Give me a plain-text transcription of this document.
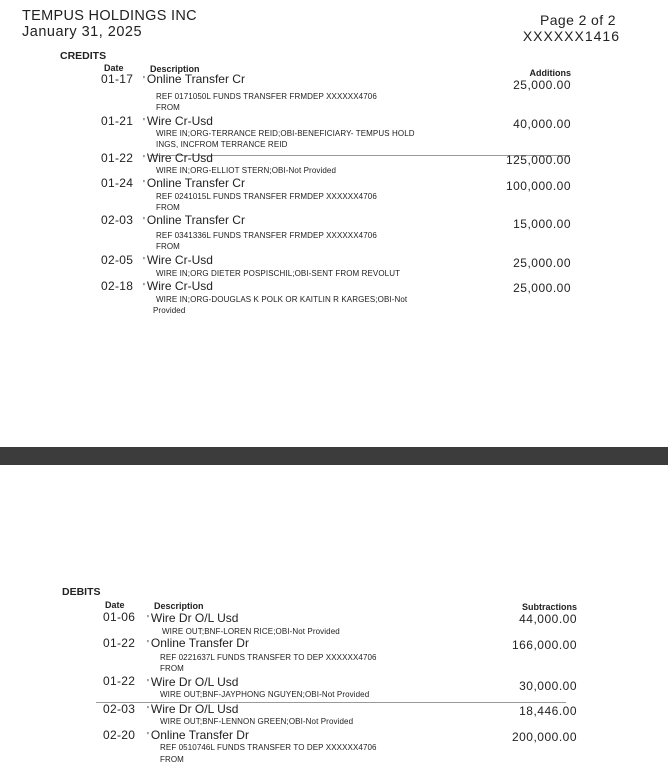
TEMPUS HOLDINGS INC
January 31, 2025
Page 2 of 2
XXXXXX1416
CREDITS
Date	Description	Additions
01-17 ' Online Transfer Cr	25,000.00
REF 0171050L FUNDS TRANSFER FRMDEP XXXXXX4706
FROM
01-21 ' Wire Cr-Usd	40,000.00
WIRE IN;ORG-TERRANCE REID;OBI-BENEFICIARY- TEMPUS HOLD
INGS, INCFROM TERRANCE REID
01-22 ' Wire Cr-Usd	125,000.00
WIRE IN;ORG-ELLIOT STERN;OBI-Not Provided
01-24 ' Online Transfer Cr	100,000.00
REF 0241015L FUNDS TRANSFER FRMDEP XXXXXX4706
FROM
02-03 ' Online Transfer Cr	15,000.00
REF 0341336L FUNDS TRANSFER FRMDEP XXXXXX4706
FROM
02-05 ' Wire Cr-Usd	25,000.00
WIRE IN;ORG DIETER POSPISCHIL;OBI-SENT FROM REVOLUT
02-18 ' Wire Cr-Usd	25,000.00
WIRE IN;ORG-DOUGLAS K POLK OR KAITLIN R KARGES;OBI-Not
Provided
DEBITS
Date	Description	Subtractions
01-06 ' Wire Dr O/L Usd	44,000.00
WIRE OUT;BNF-LOREN RICE;OBI-Not Provided
01-22 ' Online Transfer Dr	166,000.00
REF 0221637L FUNDS TRANSFER TO DEP XXXXXX4706
FROM
01-22 ' Wire Dr O/L Usd	30,000.00
WIRE OUT;BNF-JAYPHONG NGUYEN;OBI-Not Provided
02-03 ' Wire Dr O/L Usd	18,446.00
WIRE OUT;BNF-LENNON GREEN;OBI-Not Provided
02-20 ' Online Transfer Dr	200,000.00
REF 0510746L FUNDS TRANSFER TO DEP XXXXXX4706
FROM
